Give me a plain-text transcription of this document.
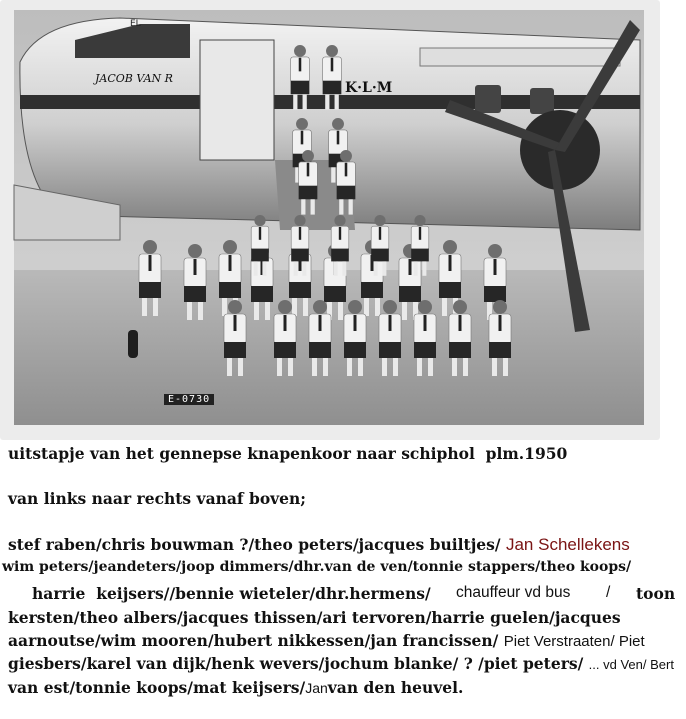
JACOB VAN R
K·L·M
EL
E-0730
uitstapje van het gennepse knapenkoor naar schiphol plm.1950
van links naar rechts vanaf boven;
stef raben/chris bouwman ?/theo peters/jacques builtjes/ Jan Schellekens
wim peters/jeandeters/joop dimmers/dhr.van de ven/tonnie stappers/theo koops/
harrie keijsers//bennie wieteler/dhr.hermens/ chauffeur vd bus / toon
kersten/theo albers/jacques thissen/ari tervoren/harrie guelen/jacques
aarnoutse/wim mooren/hubert nikkessen/jan francissen/ Piet Verstraaten/ Piet
giesbers/karel van dijk/henk wevers/jochum blanke/ ? /piet peters/ ... vd Ven/ Bert
van est/tonnie koops/mat keijsers/Janvan den heuvel.
